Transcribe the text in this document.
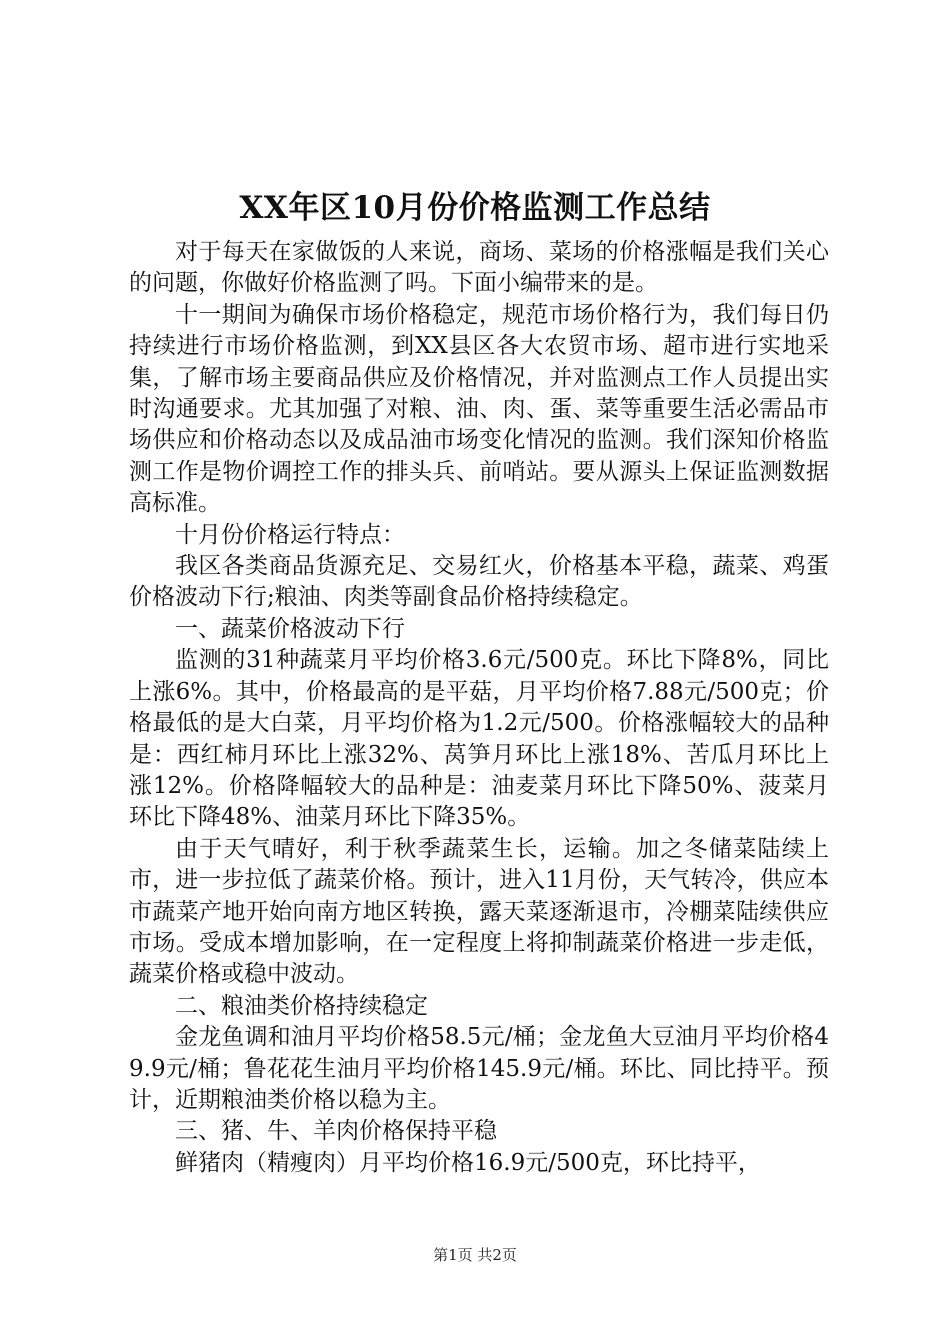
XX年区10月份价格监测工作总结

对于每天在家做饭的人来说，商场、菜场的价格涨幅是我们关心的问题，你做好价格监测了吗。下面小编带来的是。

十一期间为确保市场价格稳定，规范市场价格行为，我们每日仍持续进行市场价格监测，到XX县区各大农贸市场、超市进行实地采集，了解市场主要商品供应及价格情况，并对监测点工作人员提出实时沟通要求。尤其加强了对粮、油、肉、蛋、菜等重要生活必需品市场供应和价格动态以及成品油市场变化情况的监测。我们深知价格监测工作是物价调控工作的排头兵、前哨站。要从源头上保证监测数据高标准。

十月份价格运行特点：

我区各类商品货源充足、交易红火，价格基本平稳，蔬菜、鸡蛋价格波动下行;粮油、肉类等副食品价格持续稳定。

一、蔬菜价格波动下行

监测的31种蔬菜月平均价格3.6元/500克。环比下降8%，同比上涨6%。其中，价格最高的是平菇，月平均价格7.88元/500克；价格最低的是大白菜，月平均价格为1.2元/500。价格涨幅较大的品种是：西红柿月环比上涨32%、莴笋月环比上涨18%、苦瓜月环比上涨12%。价格降幅较大的品种是：油麦菜月环比下降50%、菠菜月环比下降48%、油菜月环比下降35%。

由于天气晴好，利于秋季蔬菜生长，运输。加之冬储菜陆续上市，进一步拉低了蔬菜价格。预计，进入11月份，天气转冷，供应本市蔬菜产地开始向南方地区转换，露天菜逐渐退市，冷棚菜陆续供应市场。受成本增加影响，在一定程度上将抑制蔬菜价格进一步走低，蔬菜价格或稳中波动。

二、粮油类价格持续稳定

金龙鱼调和油月平均价格58.5元/桶；金龙鱼大豆油月平均价格49.9元/桶；鲁花花生油月平均价格145.9元/桶。环比、同比持平。预计，近期粮油类价格以稳为主。

三、猪、牛、羊肉价格保持平稳

鲜猪肉（精瘦肉）月平均价格16.9元/500克，环比持平，

第1页 共2页
